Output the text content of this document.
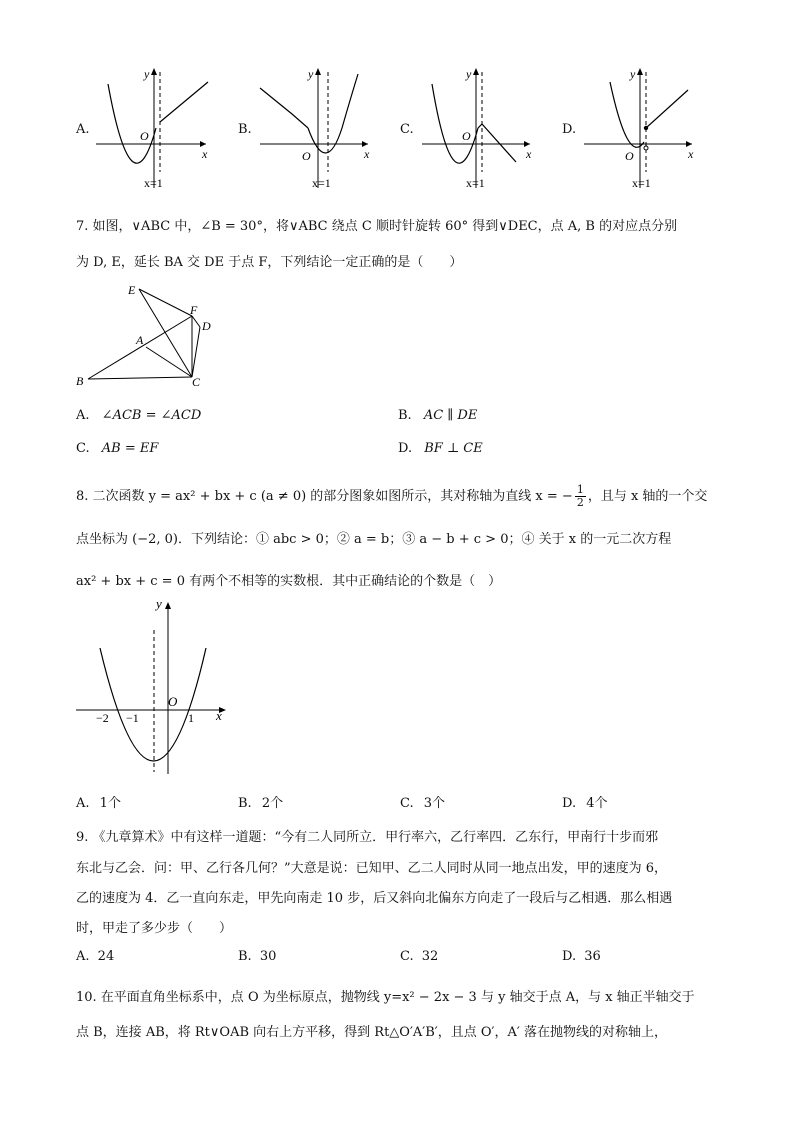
A.
y
x
O
x=1
B.
y
x
O
x=1
C.
y
x
O
x=1
D.
y
x
O
x=1
7. 如图，∨ABC 中，∠B = 30°，将∨ABC 绕点 C 顺时针旋转 60° 得到∨DEC，点 A, B 的对应点分别
为 D, E，延长 BA 交 DE 于点 F，下列结论一定正确的是（　　）
E
F
D
A
B	C
A. ∠ACB = ∠ACD	B. AC ∥ DE
C. AB = EF	D. BF ⊥ CE
8. 二次函数 y = ax² + bx + c (a ≠ 0) 的部分图象如图所示，其对称轴为直线 x = − $\frac{1}{2}$ ，且与 x 轴的一个交
点坐标为 (−2, 0)．下列结论：① abc > 0；② a = b；③ a − b + c > 0；④ 关于 x 的一元二次方程
ax² + bx + c = 0 有两个不相等的实数根．其中正确结论的个数是（　）
y
x
O
−2 −1	1
A. 1个	B. 2个	C. 3个	D. 4个
9. 《九章算术》中有这样一道题：“今有二人同所立．甲行率六，乙行率四．乙东行，甲南行十步而邪
东北与乙会．问：甲、乙行各几何？”大意是说：已知甲、乙二人同时从同一地点出发，甲的速度为 6，
乙的速度为 4．乙一直向东走，甲先向南走 10 步，后又斜向北偏东方向走了一段后与乙相遇．那么相遇
时，甲走了多少步（　　）
A. 24	B. 30	C. 32	D. 36
10. 在平面直角坐标系中，点 O 为坐标原点，抛物线 y=x² − 2x − 3 与 y 轴交于点 A，与 x 轴正半轴交于
点 B，连接 AB，将 Rt∨OAB 向右上方平移，得到 Rt△O′A′B′，且点 O′，A′ 落在抛物线的对称轴上，
